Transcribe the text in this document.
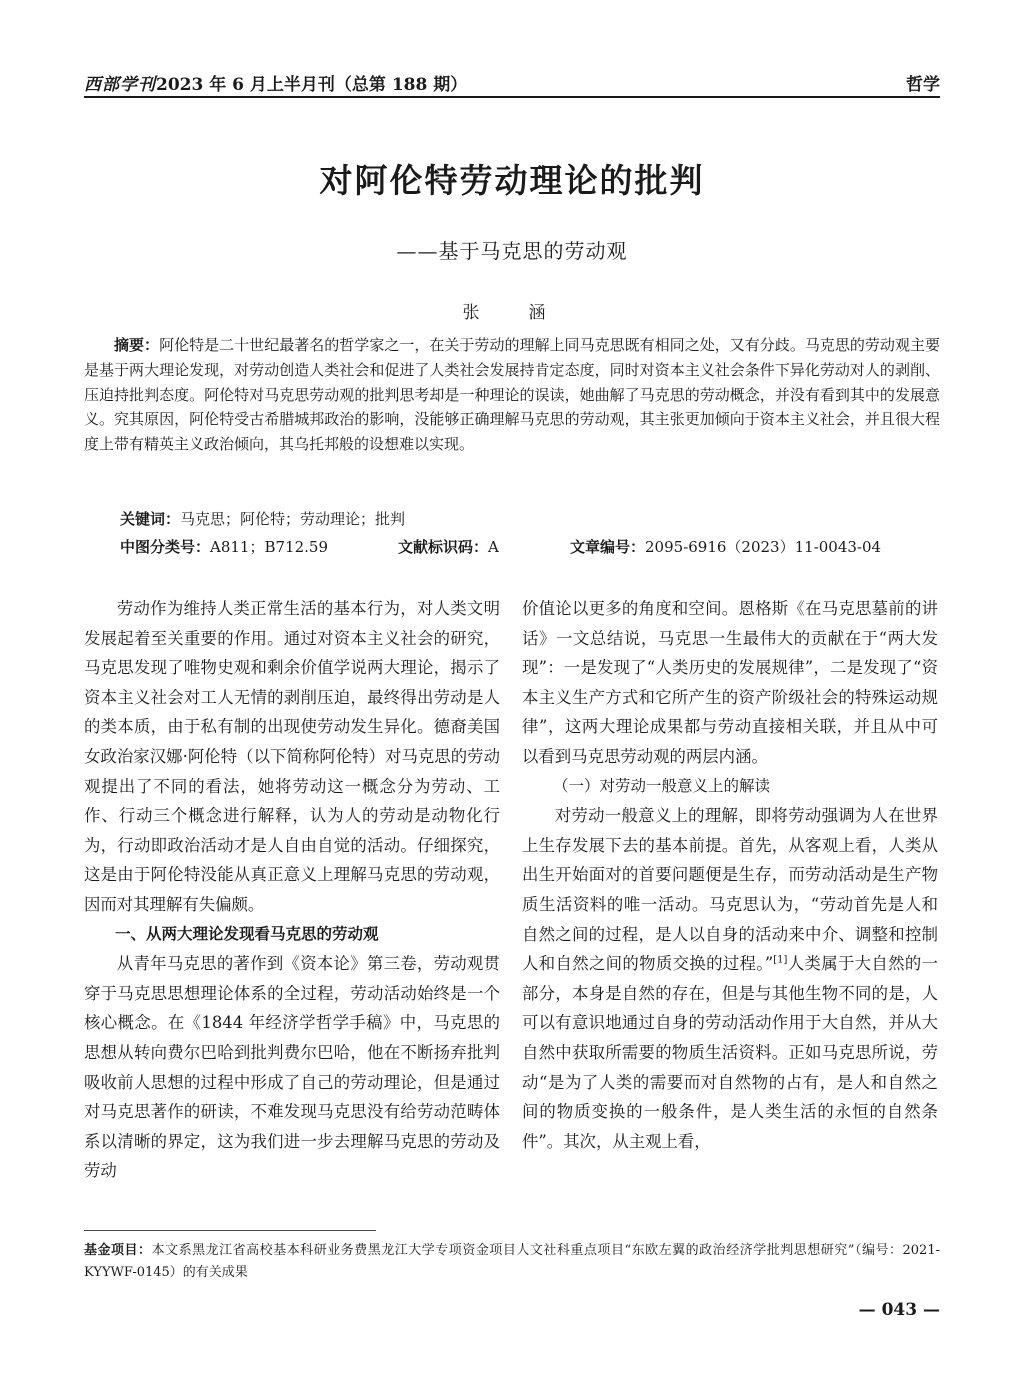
西部学刊2023 年 6 月上半月刊（总第 188 期）	哲学
对阿伦特劳动理论的批判
——基于马克思的劳动观
张　涵
摘要：阿伦特是二十世纪最著名的哲学家之一，在关于劳动的理解上同马克思既有相同之处，又有分歧。马克思的劳动观主要是基于两大理论发现，对劳动创造人类社会和促进了人类社会发展持肯定态度，同时对资本主义社会条件下异化劳动对人的剥削、压迫持批判态度。阿伦特对马克思劳动观的批判思考却是一种理论的误读，她曲解了马克思的劳动概念，并没有看到其中的发展意义。究其原因，阿伦特受古希腊城邦政治的影响，没能够正确理解马克思的劳动观，其主张更加倾向于资本主义社会，并且很大程度上带有精英主义政治倾向，其乌托邦般的设想难以实现。
关键词：马克思；阿伦特；劳动理论；批判
中图分类号：A811；B712.59	文献标识码：A	文章编号：2095-6916（2023）11-0043-04

劳动作为维持人类正常生活的基本行为，对人类文明发展起着至关重要的作用。通过对资本主义社会的研究，马克思发现了唯物史观和剩余价值学说两大理论，揭示了资本主义社会对工人无情的剥削压迫，最终得出劳动是人的类本质，由于私有制的出现使劳动发生异化。德裔美国女政治家汉娜·阿伦特（以下简称阿伦特）对马克思的劳动观提出了不同的看法，她将劳动这一概念分为劳动、工作、行动三个概念进行解释，认为人的劳动是动物化行为，行动即政治活动才是人自由自觉的活动。仔细探究，这是由于阿伦特没能从真正意义上理解马克思的劳动观，因而对其理解有失偏颇。

一、从两大理论发现看马克思的劳动观

从青年马克思的著作到《资本论》第三卷，劳动观贯穿于马克思思想理论体系的全过程，劳动活动始终是一个核心概念。在《1844 年经济学哲学手稿》中，马克思的思想从转向费尔巴哈到批判费尔巴哈，他在不断扬弃批判吸收前人思想的过程中形成了自己的劳动理论，但是通过对马克思著作的研读，不难发现马克思没有给劳动范畴体系以清晰的界定，这为我们进一步去理解马克思的劳动及劳动

价值论以更多的角度和空间。恩格斯《在马克思墓前的讲话》一文总结说，马克思一生最伟大的贡献在于“两大发现”：一是发现了“人类历史的发展规律”，二是发现了“资本主义生产方式和它所产生的资产阶级社会的特殊运动规律”，这两大理论成果都与劳动直接相关联，并且从中可以看到马克思劳动观的两层内涵。

（一）对劳动一般意义上的解读

对劳动一般意义上的理解，即将劳动强调为人在世界上生存发展下去的基本前提。首先，从客观上看，人类从出生开始面对的首要问题便是生存，而劳动活动是生产物质生活资料的唯一活动。马克思认为，“劳动首先是人和自然之间的过程，是人以自身的活动来中介、调整和控制人和自然之间的物质交换的过程。”[1]人类属于大自然的一部分，本身是自然的存在，但是与其他生物不同的是，人可以有意识地通过自身的劳动活动作用于大自然，并从大自然中获取所需要的物质生活资料。正如马克思所说，劳动“是为了人类的需要而对自然物的占有，是人和自然之间的物质变换的一般条件，是人类生活的永恒的自然条件”。其次，从主观上看，

基金项目：本文系黑龙江省高校基本科研业务费黑龙江大学专项资金项目人文社科重点项目“东欧左翼的政治经济学批判思想研究”（编号：2021-KYYWF-0145）的有关成果
— 043 —
